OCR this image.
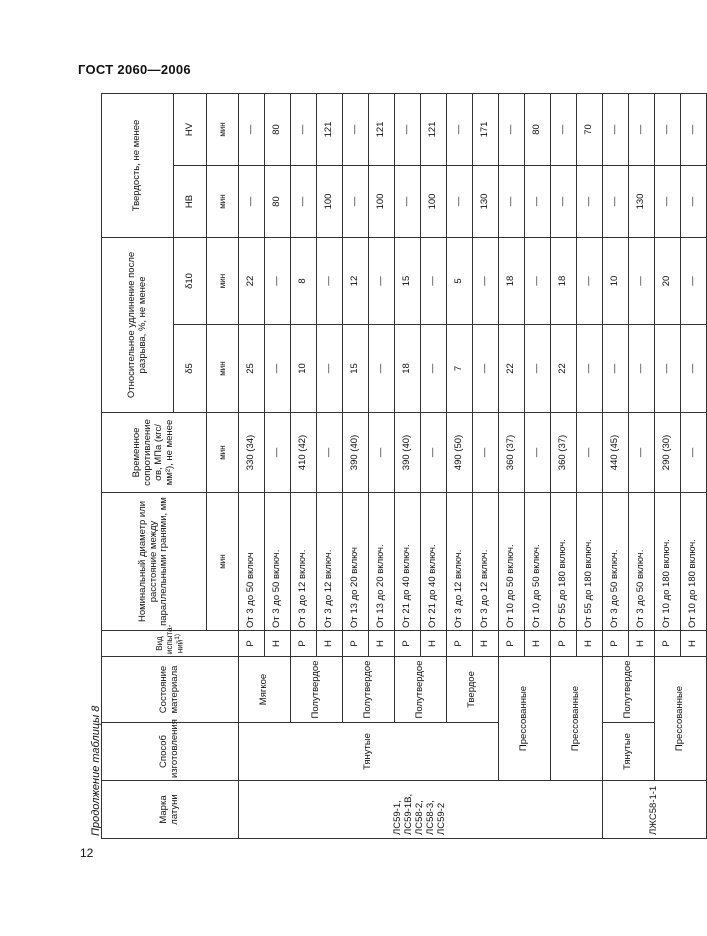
ГОСТ 2060—2006
Продолжение таблицы 8
12
Марка латуни	Способ изготовления	Состояние материала	Вид испыта-ний$^{1)}$	Номинальный диаметр или расстояние между параллельными гранями, мм	Временное сопротивление σв, МПа (кгс/мм²), не менее	Относительное удлинение после разрыва, %, не менее		Твердость, не менее	
						δ5	δ10	НВ	HV
				мин	мин	мин	мин	мин	мин
ЛС59-1, ЛС59-1В, ЛС58-2, ЛС58-3, ЛС59-2	Тянутые	Мягкое	Р	От 3 до 50 включ	330 (34)	25	22	—	—
			Н	От 3 до 50 включ.	—	—	—	80	80
		Полутвердое	Р	От 3 до 12 включ.	410 (42)	10	8	—	—
			Н	От 3 до 12 включ.	—	—	—	100	121
		Полутвердое	Р	От 13 до 20 включ	390 (40)	15	12	—	—
			Н	От 13 до 20 включ.	—	—	—	100	121
		Полутвердое	Р	От 21 до 40 включ.	390 (40)	18	15	—	—
			Н	От 21 до 40 включ.	—	—	—	100	121
		Твердое	Р	От 3 до 12 включ.	490 (50)	7	5	—	—
			Н	От 3 до 12 включ.	—	—	—	130	171
	Прессованные		Р	От 10 до 50 включ.	360 (37)	22	18	—	—
			Н	От 10 до 50 включ.	—	—	—	—	80
	Прессованные		Р	От 55 до 180 включ.	360 (37)	22	18	—	—
			Н	От 55 до 180 включ.	—	—	—	—	70
ЛЖС58-1-1	Тянутые	Полутвердое	Р	От 3 до 50 включ.	440 (45)	—	10	—	—
			Н	От 3 до 50 включ.	—	—	—	130	—
	Прессованные		Р	От 10 до 180 включ.	290 (30)	—	20	—	—
			Н	От 10 до 180 включ.	—	—	—	—	—
